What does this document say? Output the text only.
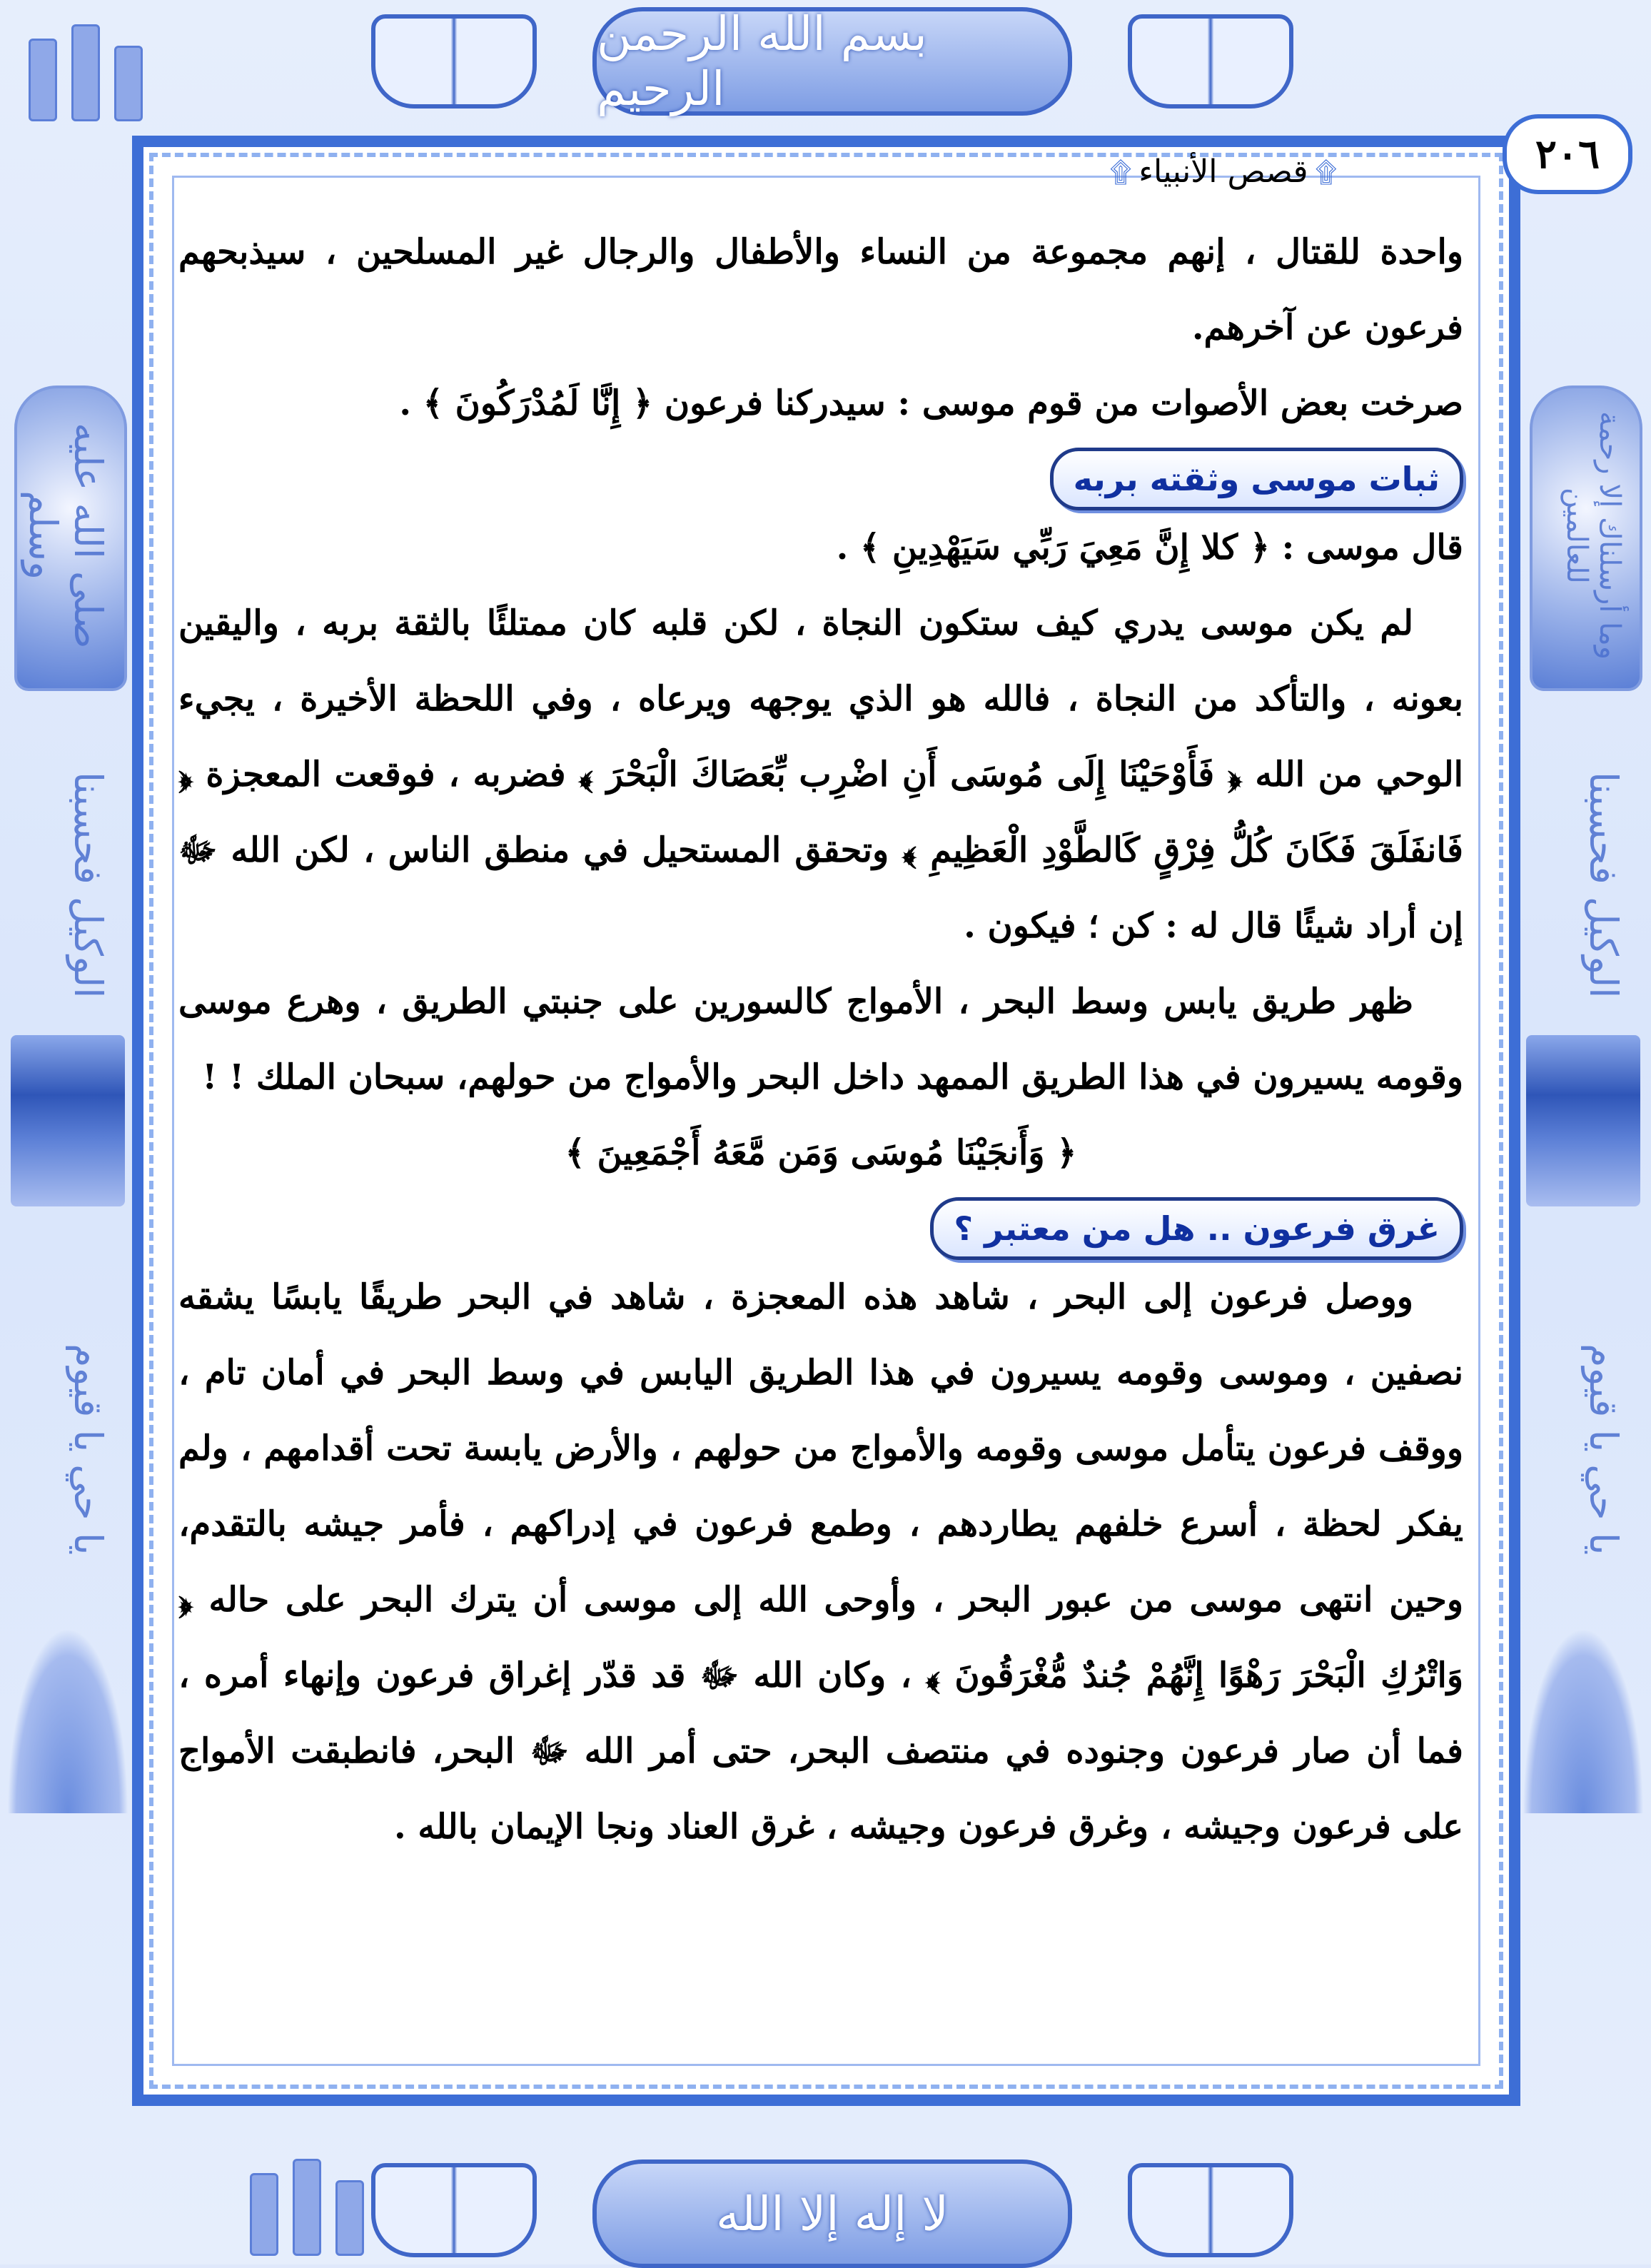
صلى الله عليه وسلم
الوكيل فحسبنا
يا حي يا قيوم
وما أرسلناك إلا رحمة للعالمين
الوكيل فحسبنا
يا حي يا قيوم
بسم الله الرحمن الرحيم
٢٠٦
۩ قصص الأنبياء ۩

واحدة للقتال ، إنهم مجموعة من النساء والأطفال والرجال غير المسلحين ، سيذبحهم فرعون عن آخرهم.

صرخت بعض الأصوات من قوم موسى : سيدركنا فرعون ﴿ إِنَّا لَمُدْرَكُونَ ﴾ .

ثبات موسى وثقته بربه

قال موسى : ﴿ كلا إِنَّ مَعِيَ رَبِّي سَيَهْدِينِ ﴾ .

لم يكن موسى يدري كيف ستكون النجاة ، لكن قلبه كان ممتلئًا بالثقة بربه ، واليقين بعونه ، والتأكد من النجاة ، فالله هو الذي يوجهه ويرعاه ، وفي اللحظة الأخيرة ، يجيء الوحي من الله ﴿ فَأَوْحَيْنَا إِلَى مُوسَى أَنِ اضْرِب بِّعَصَاكَ الْبَحْرَ ﴾ فضربه ، فوقعت المعجزة ﴿ فَانفَلَقَ فَكَانَ كُلُّ فِرْقٍ كَالطَّوْدِ الْعَظِيمِ ﴾ وتحقق المستحيل في منطق الناس ، لكن الله ﷻ إن أراد شيئًا قال له : كن ؛ فيكون .

ظهر طريق يابس وسط البحر ، الأمواج كالسورين على جنبتي الطريق ، وهرع موسى وقومه يسيرون في هذا الطريق الممهد داخل البحر والأمواج من حولهم، سبحان الملك ! !

﴿ وَأَنجَيْنَا مُوسَى وَمَن مَّعَهُ أَجْمَعِينَ ﴾

غرق فرعون .. هل من معتبر ؟

ووصل فرعون إلى البحر ، شاهد هذه المعجزة ، شاهد في البحر طريقًا يابسًا يشقه نصفين ، وموسى وقومه يسيرون في هذا الطريق اليابس في وسط البحر في أمان تام ، ووقف فرعون يتأمل موسى وقومه والأمواج من حولهم ، والأرض يابسة تحت أقدامهم ، ولم يفكر لحظة ، أسرع خلفهم يطاردهم ، وطمع فرعون في إدراكهم ، فأمر جيشه بالتقدم، وحين انتهى موسى من عبور البحر ، وأوحى الله إلى موسى أن يترك البحر على حاله ﴿ وَاتْرُكِ الْبَحْرَ رَهْوًا إِنَّهُمْ جُندٌ مُّغْرَقُونَ ﴾ ، وكان الله ﷻ قد قدّر إغراق فرعون وإنهاء أمره ، فما أن صار فرعون وجنوده في منتصف البحر، حتى أمر الله ﷻ البحر، فانطبقت الأمواج على فرعون وجيشه ، وغرق فرعون وجيشه ، غرق العناد ونجا الإيمان بالله .

لا إله إلا الله
